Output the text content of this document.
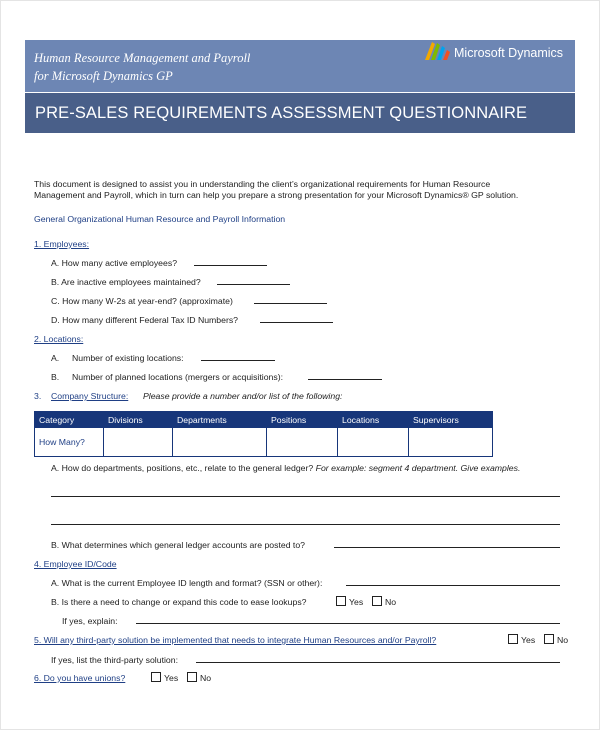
Human Resource Management and Payroll
for Microsoft Dynamics GP
Microsoft Dynamics
PRE-SALES REQUIREMENTS ASSESSMENT QUESTIONNAIRE
This document is designed to assist you in understanding the client’s organizational requirements for Human Resource
Management and Payroll, which in turn can help you prepare a strong presentation for your Microsoft Dynamics® GP solution.
General Organizational Human Resource and Payroll Information
1. Employees:
A. How many active employees?
B. Are inactive employees maintained?
C. How many W-2s at year-end? (approximate)
D. How many different Federal Tax ID Numbers?
2. Locations:
A. Number of existing locations:
B. Number of planned locations (mergers or acquisitions):
3. Company Structure: Please provide a number and/or list of the following:
Category	Divisions	Departments	Positions	Locations	Supervisors
How Many?					
A. How do departments, positions, etc., relate to the general ledger? For example: segment 4 department. Give examples.
B. What determines which general ledger accounts are posted to?
4. Employee ID/Code
A. What is the current Employee ID length and format? (SSN or other):
B. Is there a need to change or expand this code to ease lookups?	Yes	No
If yes, explain:
5. Will any third-party solution be implemented that needs to integrate Human Resources and/or Payroll?	Yes	No
If yes, list the third-party solution:
6. Do you have unions?	Yes	No
